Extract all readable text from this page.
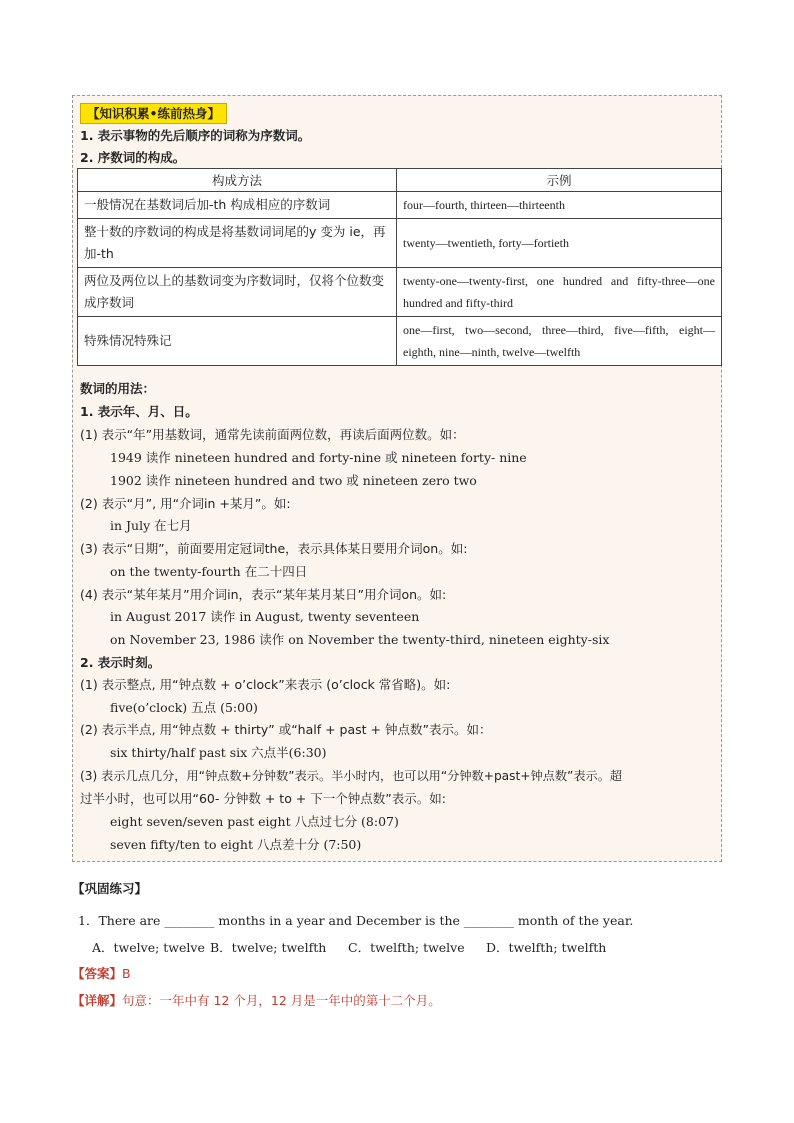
【知识积累•练前热身】
1. 表示事物的先后顺序的词称为序数词。
2. 序数词的构成。
构成方法	示例
一般情况在基数词后加-th 构成相应的序数词	four—fourth, thirteen—thirteenth
整十数的序数词的构成是将基数词词尾的y 变为 ie，再加-th	twenty—twentieth, forty—fortieth
两位及两位以上的基数词变为序数词时，仅将个位数变成序数词	twenty-one—twenty-first, one hundred and fifty-three—one hundred and fifty-third
特殊情况特殊记	one—first, two—second, three—third, five—fifth, eight—eighth, nine—ninth, twelve—twelfth
数词的用法：
1. 表示年、月、日。
(1) 表示“年”用基数词，通常先读前面两位数，再读后面两位数。如：
1949 读作 nineteen hundred and forty-nine 或 nineteen forty- nine
1902 读作 nineteen hundred and two 或 nineteen zero two
(2) 表示“月”, 用“介词in +某月”。如:
in July 在七月
(3) 表示“日期”，前面要用定冠词the，表示具体某日要用介词on。如:
on the twenty-fourth 在二十四日
(4) 表示“某年某月”用介词in，表示“某年某月某日”用介词on。如:
in August 2017 读作 in August, twenty seventeen
on November 23, 1986 读作 on November the twenty-third, nineteen eighty-six
2. 表示时刻。
(1) 表示整点, 用“钟点数 + o’clock”来表示 (o’clock 常省略)。如:
five(o’clock) 五点 (5:00)
(2) 表示半点, 用“钟点数 + thirty” 或“half + past + 钟点数”表示。如：
six thirty/half past six 六点半(6:30)
(3) 表示几点几分，用“钟点数+分钟数”表示。半小时内，也可以用“分钟数+past+钟点数”表示。超
过半小时，也可以用“60- 分钟数 + to + 下一个钟点数”表示。如:
eight seven/seven past eight 八点过七分 (8:07)
seven fifty/ten to eight 八点差十分 (7:50)
【巩固练习】
1．There are ________ months in a year and December is the ________ month of the year.
A．twelve; twelve B．twelve; twelfth C．twelfth; twelve D．twelfth; twelfth
【答案】B
【详解】句意：一年中有 12 个月，12 月是一年中的第十二个月。
